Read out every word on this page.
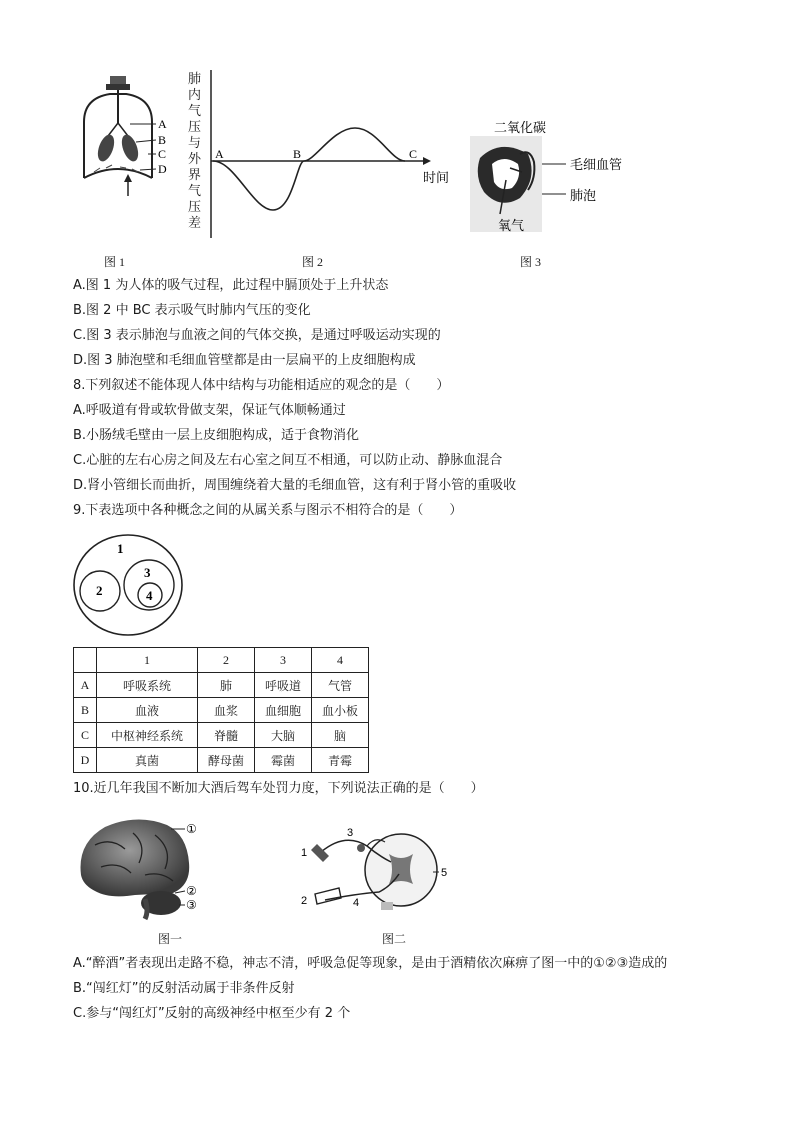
A
B
C
D
肺内气压与外界气压差
A	B	C
时间
二氧化碳
毛细血管
肺泡
氧气
图 1	图 2	图 3
A.图 1 为人体的吸气过程，此过程中膈顶处于上升状态
B.图 2 中 BC 表示吸气时肺内气压的变化
C.图 3 表示肺泡与血液之间的气体交换，是通过呼吸运动实现的
D.图 3 肺泡壁和毛细血管壁都是由一层扁平的上皮细胞构成
8.下列叙述不能体现人体中结构与功能相适应的观念的是（　　）
A.呼吸道有骨或软骨做支架，保证气体顺畅通过
B.小肠绒毛壁由一层上皮细胞构成，适于食物消化
C.心脏的左右心房之间及左右心室之间互不相通，可以防止动、静脉血混合
D.肾小管细长而曲折，周围缠绕着大量的毛细血管，这有利于肾小管的重吸收
9.下表选项中各种概念之间的从属关系与图示不相符合的是（　　）
1
2
3
4
	1	2	3	4
A	呼吸系统	肺	呼吸道	气管
B	血液	血浆	血细胞	血小板
C	中枢神经系统	脊髓	大脑	脑
D	真菌	酵母菌	霉菌	青霉
10.近几年我国不断加大酒后驾车处罚力度，下列说法正确的是（　　）
①
②
③
1
2
3
4
5
图一	图二
A.“醉酒”者表现出走路不稳，神志不清，呼吸急促等现象，是由于酒精依次麻痹了图一中的①②③造成的
B.“闯红灯”的反射活动属于非条件反射
C.参与“闯红灯”反射的高级神经中枢至少有 2 个
